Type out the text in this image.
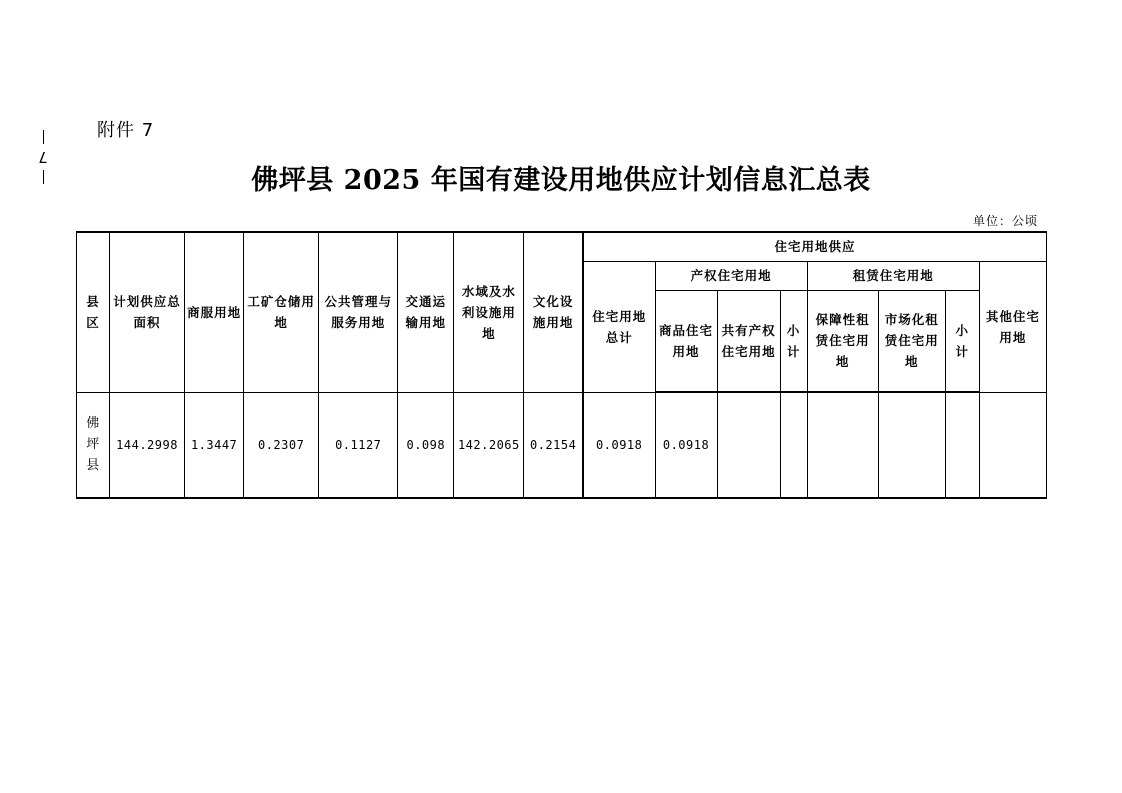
7
附件 7
佛坪县 2025 年国有建设用地供应计划信息汇总表
单位：公顷
县区	计划供应总面积	商服用地	工矿仓储用地	公共管理与服务用地	交通运输用地	水域及水利设施用地	文化设施用地	住宅用地供应							
								住宅用地总计	产权住宅用地			租赁住宅用地			其他住宅用地
									商品住宅用地	共有产权住宅用地	小计	保障性租赁住宅用地	市场化租赁住宅用地	小计	
佛坪县	144.2998	1.3447	0.2307	0.1127	0.098	142.2065	0.2154	0.0918	0.0918						
